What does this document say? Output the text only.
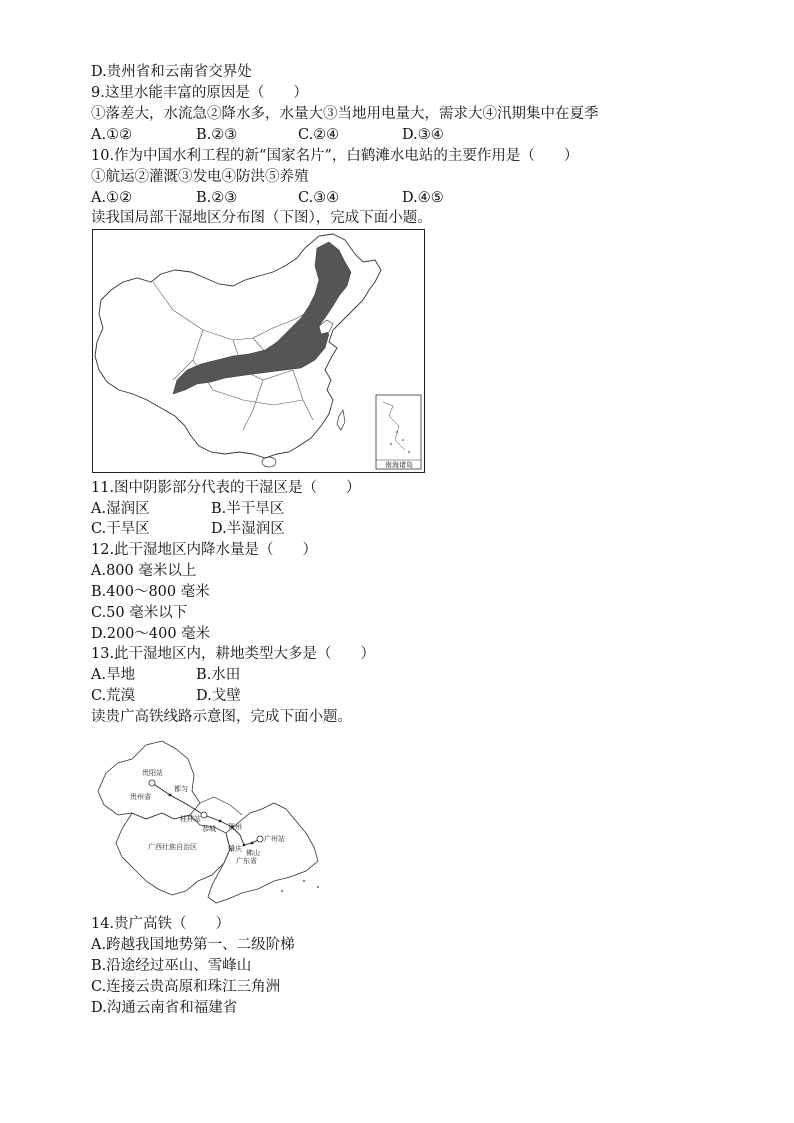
D.贵州省和云南省交界处
9.这里水能丰富的原因是（　　）
①落差大，水流急②降水多，水量大③当地用电量大，需求大④汛期集中在夏季
A.①②	B.②③	C.②④	D.③④
10.作为中国水利工程的新“国家名片”，白鹤滩水电站的主要作用是（　　）
①航运②灌溉③发电④防洪⑤养殖
A.①②	B.②③	C.③④	D.④⑤
读我国局部干湿地区分布图（下图），完成下面小题。
南海诸岛
11.图中阴影部分代表的干湿区是（　　）
A.湿润区	B.半干旱区
C.干旱区	D.半湿润区
12.此干湿地区内降水量是（　　）
A.800 毫米以上
B.400～800 毫米
C.50 毫米以下
D.200～400 毫米
13.此干湿地区内，耕地类型大多是（　　）
A.旱地	B.水田
C.荒漠	D.戈壁
读贵广高铁线路示意图，完成下面小题。
贵阳站
贵州省
都匀
桂林站
恭城 贺州
广西壮族自治区	肇庆 佛山
广州站
广东省
14.贵广高铁（　　）
A.跨越我国地势第一、二级阶梯
B.沿途经过巫山、雪峰山
C.连接云贵高原和珠江三角洲
D.沟通云南省和福建省
